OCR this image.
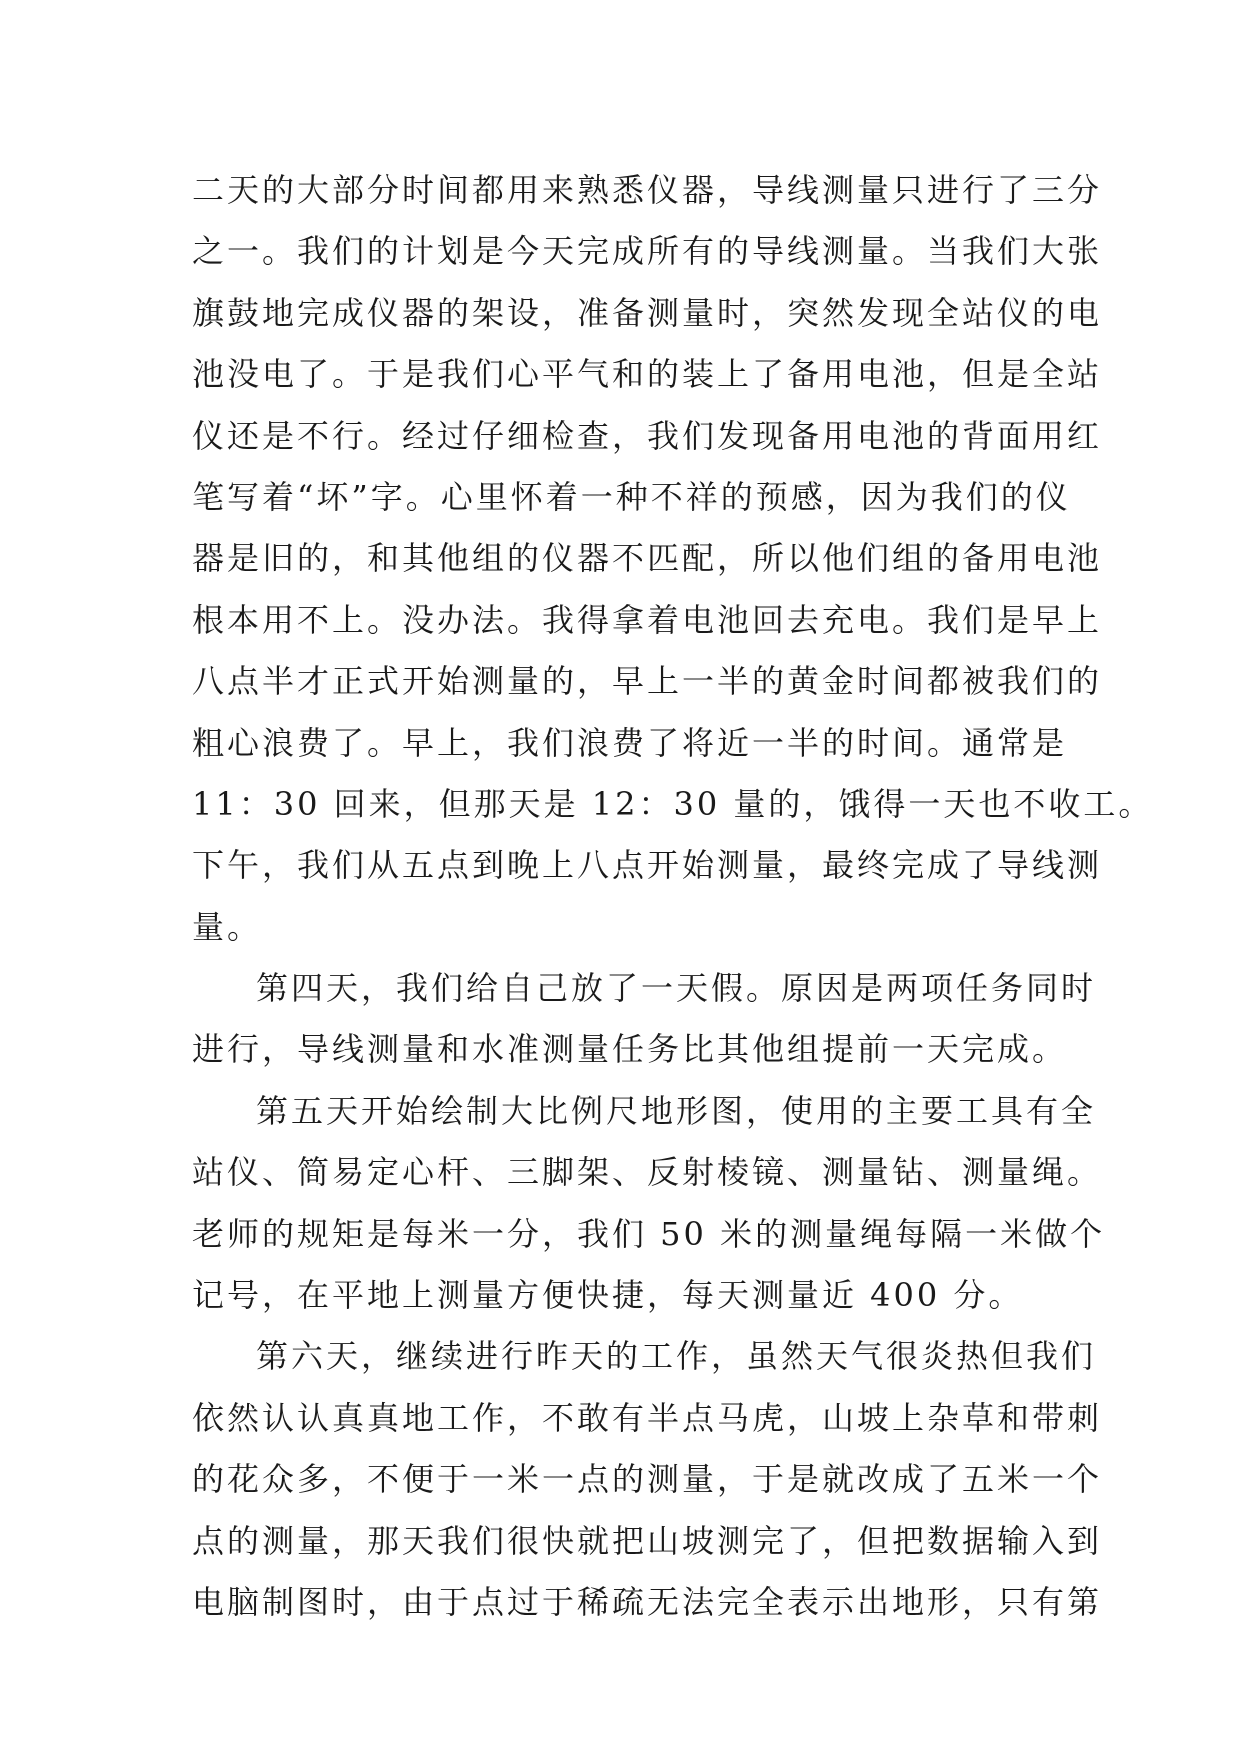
二天的大部分时间都用来熟悉仪器，导线测量只进行了三分
之一。我们的计划是今天完成所有的导线测量。当我们大张
旗鼓地完成仪器的架设，准备测量时，突然发现全站仪的电
池没电了。于是我们心平气和的装上了备用电池，但是全站
仪还是不行。经过仔细检查，我们发现备用电池的背面用红
笔写着“坏”字。心里怀着一种不祥的预感，因为我们的仪
器是旧的，和其他组的仪器不匹配，所以他们组的备用电池
根本用不上。没办法。我得拿着电池回去充电。我们是早上
八点半才正式开始测量的，早上一半的黄金时间都被我们的
粗心浪费了。早上，我们浪费了将近一半的时间。通常是
11：30 回来，但那天是 12：30 量的，饿得一天也不收工。
下午，我们从五点到晚上八点开始测量，最终完成了导线测
量。
第四天，我们给自己放了一天假。原因是两项任务同时
进行，导线测量和水准测量任务比其他组提前一天完成。
第五天开始绘制大比例尺地形图，使用的主要工具有全
站仪、简易定心杆、三脚架、反射棱镜、测量钻、测量绳。
老师的规矩是每米一分，我们 50 米的测量绳每隔一米做个
记号，在平地上测量方便快捷，每天测量近 400 分。
第六天，继续进行昨天的工作，虽然天气很炎热但我们
依然认认真真地工作，不敢有半点马虎，山坡上杂草和带刺
的花众多，不便于一米一点的测量，于是就改成了五米一个
点的测量，那天我们很快就把山坡测完了，但把数据输入到
电脑制图时，由于点过于稀疏无法完全表示出地形，只有第
